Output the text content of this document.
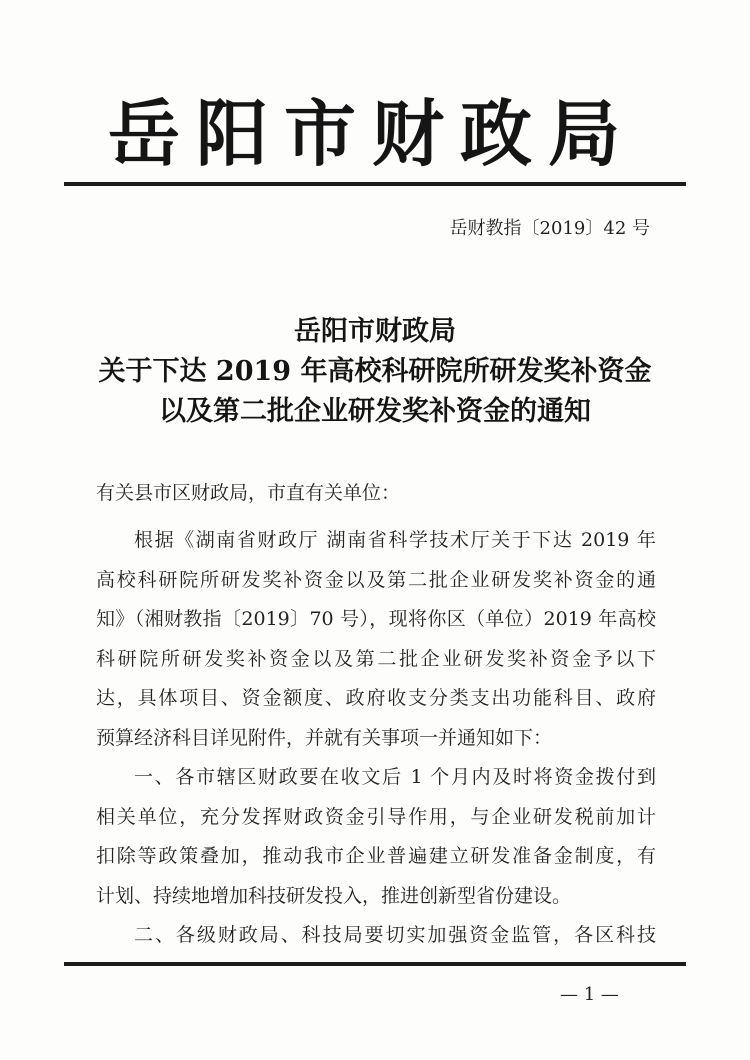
岳阳市财政局
岳财教指〔2019〕42 号
岳阳市财政局
关于下达 2019 年高校科研院所研发奖补资金
以及第二批企业研发奖补资金的通知
有关县市区财政局，市直有关单位：
根据《湖南省财政厅 湖南省科学技术厅关于下达 2019 年
高校科研院所研发奖补资金以及第二批企业研发奖补资金的通
知》（湘财教指〔2019〕70 号），现将你区（单位）2019 年高校
科研院所研发奖补资金以及第二批企业研发奖补资金予以下
达，具体项目、资金额度、政府收支分类支出功能科目、政府
预算经济科目详见附件，并就有关事项一并通知如下：
一、各市辖区财政要在收文后 1 个月内及时将资金拨付到
相关单位，充分发挥财政资金引导作用，与企业研发税前加计
扣除等政策叠加，推动我市企业普遍建立研发准备金制度，有
计划、持续地增加科技研发投入，推进创新型省份建设。
二、各级财政局、科技局要切实加强资金监管，各区科技
— 1 —
